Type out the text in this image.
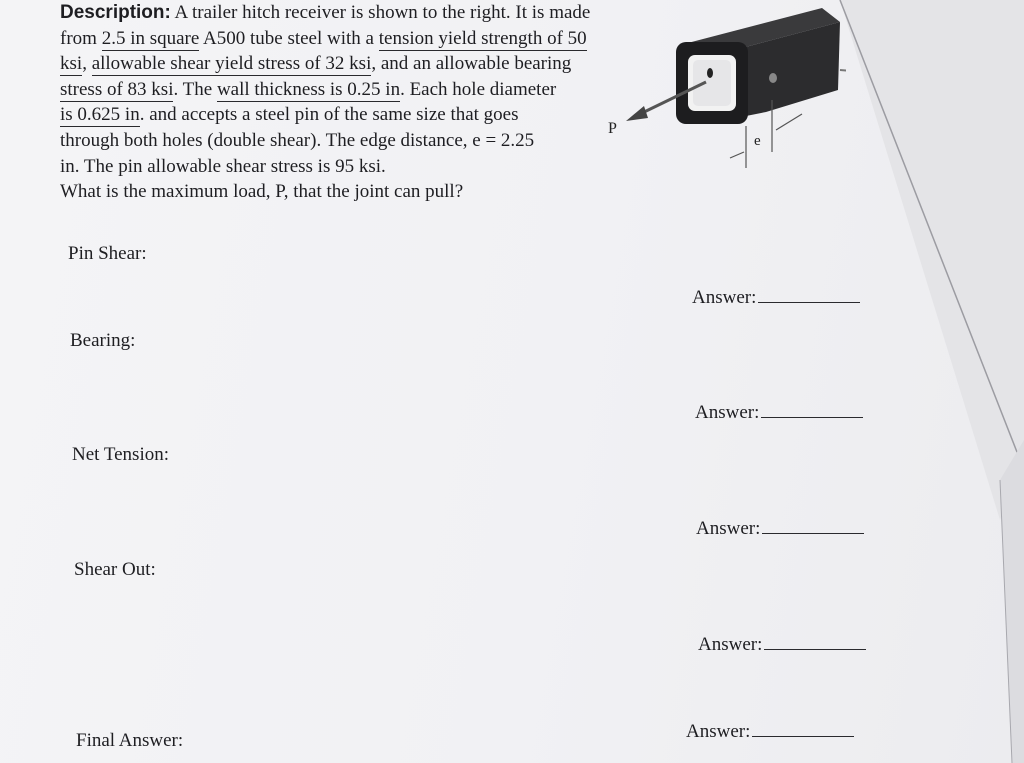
Description: A trailer hitch receiver is shown to the right. It is made
from 2.5 in square A500 tube steel with a tension yield strength of 50
ksi, allowable shear yield stress of 32 ksi, and an allowable bearing
stress of 83 ksi. The wall thickness is 0.25 in. Each hole diameter
is 0.625 in. and accepts a steel pin of the same size that goes
through both holes (double shear). The edge distance, e = 2.25
in. The pin allowable shear stress is 95 ksi.
What is the maximum load, P, that the joint can pull?
P
e
Pin Shear:
Answer:
Bearing:
Answer:
Net Tension:
Answer:
Shear Out:
Answer:
Final Answer:	Answer:
